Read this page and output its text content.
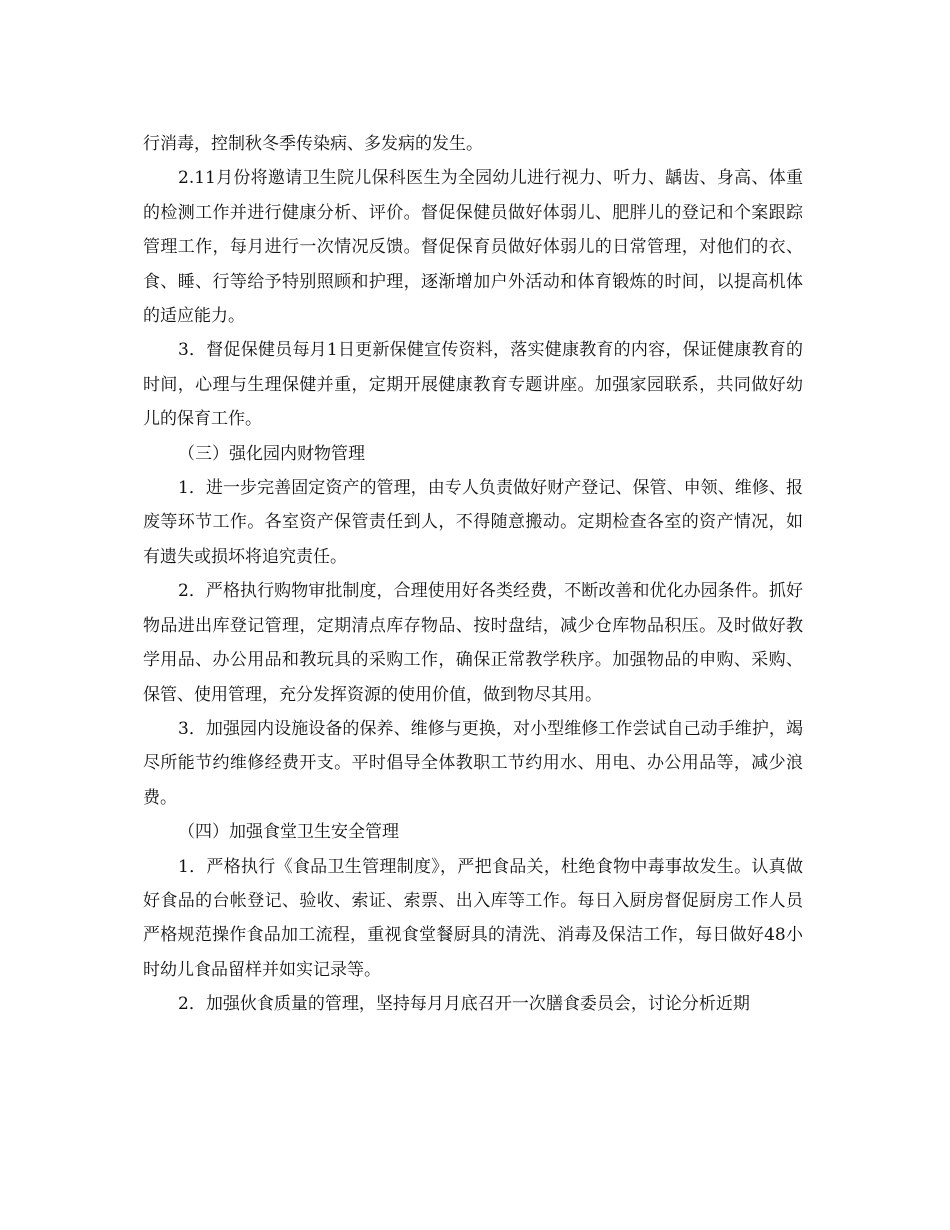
行消毒，控制秋冬季传染病、多发病的发生。

2.11月份将邀请卫生院儿保科医生为全园幼儿进行视力、听力、龋齿、身高、体重的检测工作并进行健康分析、评价。督促保健员做好体弱儿、肥胖儿的登记和个案跟踪管理工作，每月进行一次情况反馈。督促保育员做好体弱儿的日常管理，对他们的衣、食、睡、行等给予特别照顾和护理，逐渐增加户外活动和体育锻炼的时间，以提高机体的适应能力。

3．督促保健员每月1日更新保健宣传资料，落实健康教育的内容，保证健康教育的时间，心理与生理保健并重，定期开展健康教育专题讲座。加强家园联系，共同做好幼儿的保育工作。

（三）强化园内财物管理

1．进一步完善固定资产的管理，由专人负责做好财产登记、保管、申领、维修、报废等环节工作。各室资产保管责任到人，不得随意搬动。定期检查各室的资产情况，如有遗失或损坏将追究责任。

2．严格执行购物审批制度，合理使用好各类经费，不断改善和优化办园条件。抓好物品进出库登记管理，定期清点库存物品、按时盘结，减少仓库物品积压。及时做好教学用品、办公用品和教玩具的采购工作，确保正常教学秩序。加强物品的申购、采购、保管、使用管理，充分发挥资源的使用价值，做到物尽其用。

3．加强园内设施设备的保养、维修与更换，对小型维修工作尝试自己动手维护，竭尽所能节约维修经费开支。平时倡导全体教职工节约用水、用电、办公用品等，减少浪费。

（四）加强食堂卫生安全管理

1．严格执行《食品卫生管理制度》，严把食品关，杜绝食物中毒事故发生。认真做好食品的台帐登记、验收、索证、索票、出入库等工作。每日入厨房督促厨房工作人员严格规范操作食品加工流程，重视食堂餐厨具的清洗、消毒及保洁工作，每日做好48小时幼儿食品留样并如实记录等。

2．加强伙食质量的管理，坚持每月月底召开一次膳食委员会，讨论分析近期
